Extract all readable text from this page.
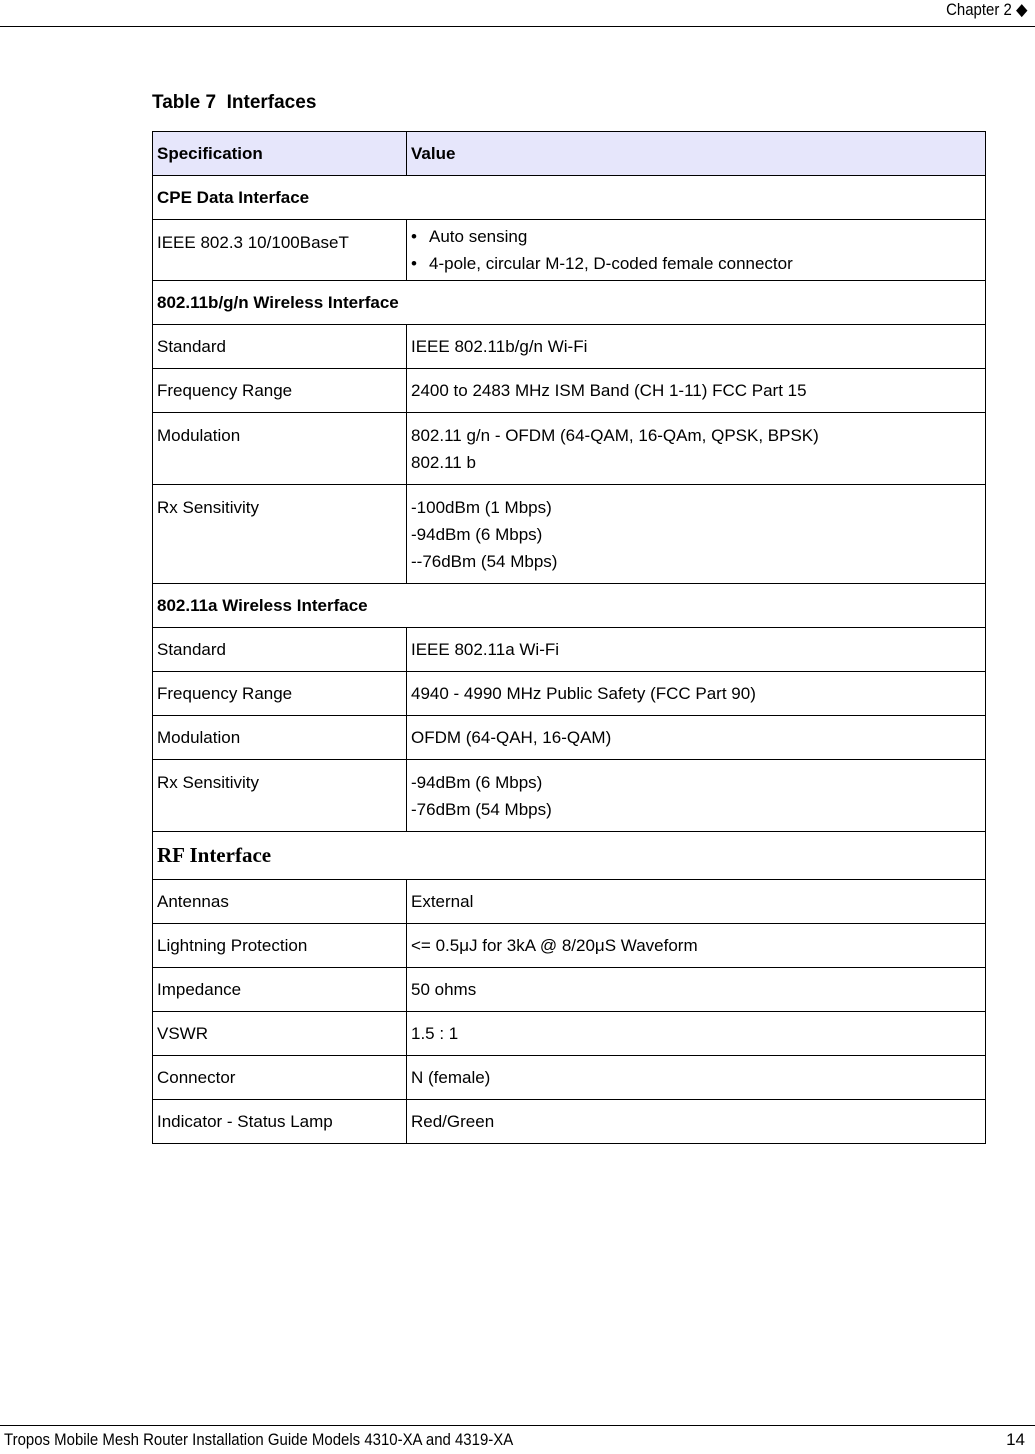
Chapter 2 ◆
Table 7  Interfaces
Specification	Value
CPE Data Interface	

IEEE 802.3 10/100BaseT	• Auto sensing
• 4-pole, circular M-12, D-coded female connector

802.11b/g/n Wireless Interface	
Standard	IEEE 802.11b/g/n Wi-Fi
Frequency Range	2400 to 2483 MHz ISM Band (CH 1-11) FCC Part 15

Modulation	802.11 g/n - OFDM (64-QAM, 16-QAm, QPSK, BPSK)
802.11 b

Rx Sensitivity	-100dBm (1 Mbps)
-94dBm (6 Mbps)
--76dBm (54 Mbps)

802.11a Wireless Interface	
Standard	IEEE 802.11a Wi-Fi
Frequency Range	4940 - 4990 MHz Public Safety (FCC Part 90)
Modulation	OFDM (64-QAH, 16-QAM)

Rx Sensitivity	-94dBm (6 Mbps)
-76dBm (54 Mbps)

RF Interface	
Antennas	External
Lightning Protection	<= 0.5μJ for 3kA @ 8/20μS Waveform
Impedance	50 ohms
VSWR	1.5 : 1
Connector	N (female)
Indicator - Status Lamp	Red/Green
Tropos Mobile Mesh Router Installation Guide Models 4310-XA and 4319-XA	14
